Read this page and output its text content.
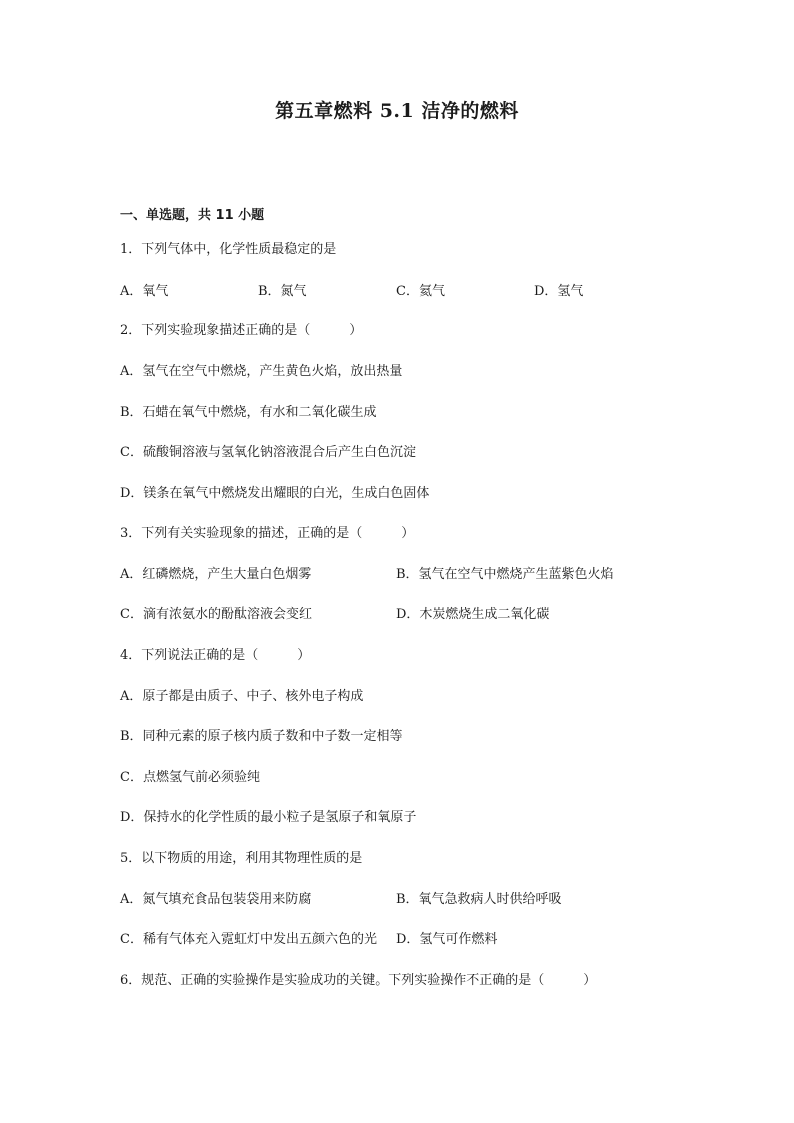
第五章燃料 5.1 洁净的燃料
一、单选题，共 11 小题
1．下列气体中，化学性质最稳定的是
A．氧气	B．氮气	C．氦气	D．氢气
2．下列实验现象描述正确的是（　　　）
A．氢气在空气中燃烧，产生黄色火焰，放出热量
B．石蜡在氧气中燃烧，有水和二氧化碳生成
C．硫酸铜溶液与氢氧化钠溶液混合后产生白色沉淀
D．镁条在氧气中燃烧发出耀眼的白光，生成白色固体
3．下列有关实验现象的描述，正确的是（　　　）
A．红磷燃烧，产生大量白色烟雾	B．氢气在空气中燃烧产生蓝紫色火焰
C．滴有浓氨水的酚酞溶液会变红	D．木炭燃烧生成二氧化碳
4．下列说法正确的是（　　　）
A．原子都是由质子、中子、核外电子构成
B．同种元素的原子核内质子数和中子数一定相等
C．点燃氢气前必须验纯
D．保持水的化学性质的最小粒子是氢原子和氧原子
5．以下物质的用途，利用其物理性质的是
A．氮气填充食品包装袋用来防腐	B．氧气急救病人时供给呼吸
C．稀有气体充入霓虹灯中发出五颜六色的光 D．氢气可作燃料
6．规范、正确的实验操作是实验成功的关键。下列实验操作不正确的是（　　　）
